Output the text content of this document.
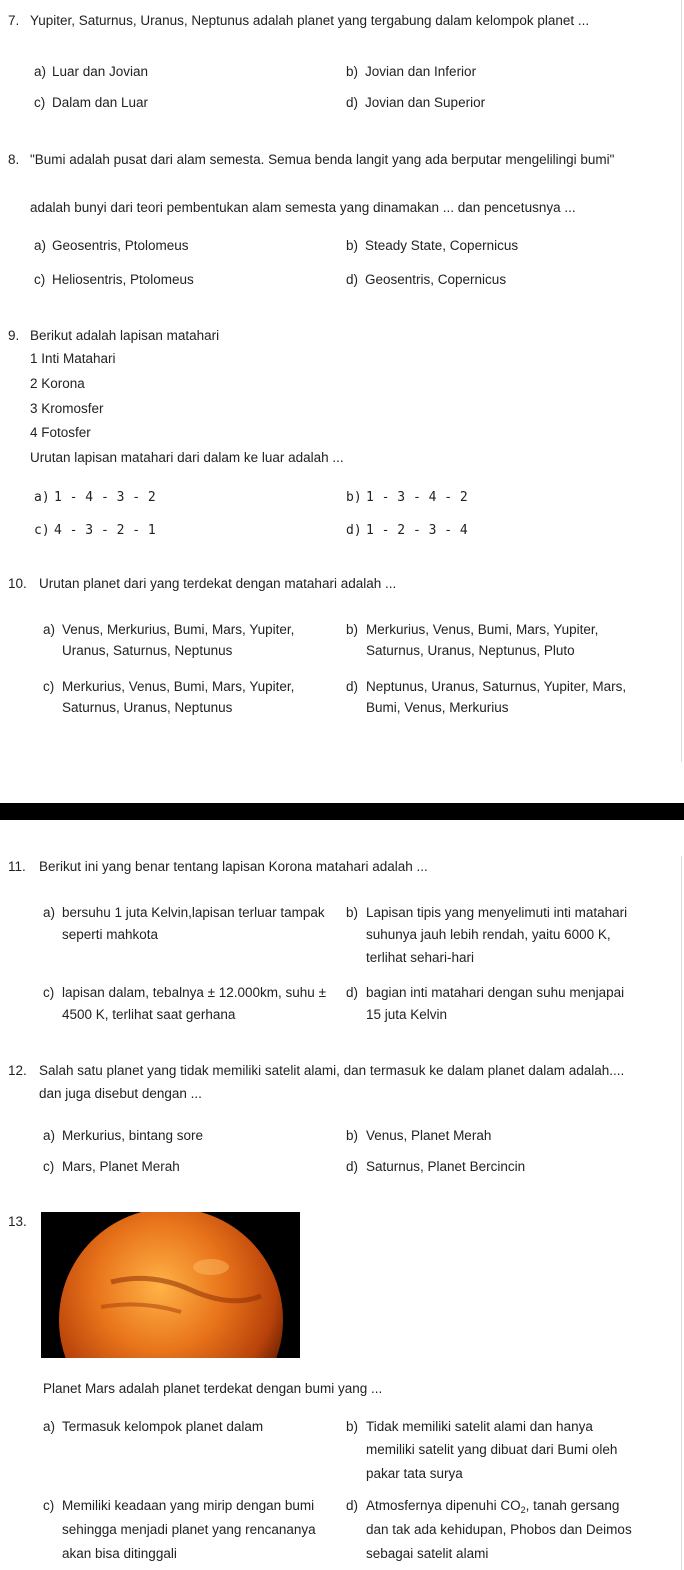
7. Yupiter, Saturnus, Uranus, Neptunus adalah planet yang tergabung dalam kelompok planet ...
a) Luar dan Jovian	b) Jovian dan Inferior
c) Dalam dan Luar	d) Jovian dan Superior
8. "Bumi adalah pusat dari alam semesta. Semua benda langit yang ada berputar mengelilingi bumi"
adalah bunyi dari teori pembentukan alam semesta yang dinamakan ... dan pencetusnya ...
a) Geosentris, Ptolomeus	b) Steady State, Copernicus
c) Heliosentris, Ptolomeus	d) Geosentris, Copernicus
9. Berikut adalah lapisan matahari
1 Inti Matahari
2 Korona
3 Kromosfer
4 Fotosfer
Urutan lapisan matahari dari dalam ke luar adalah ...
a) 1 - 4 - 3 - 2	b) 1 - 3 - 4 - 2
c) 4 - 3 - 2 - 1	d) 1 - 2 - 3 - 4
10. Urutan planet dari yang terdekat dengan matahari adalah ...
a) Venus, Merkurius, Bumi, Mars, Yupiter,
Uranus, Saturnus, Neptunus
b) Merkurius, Venus, Bumi, Mars, Yupiter,
Saturnus, Uranus, Neptunus, Pluto
c) Merkurius, Venus, Bumi, Mars, Yupiter,
Saturnus, Uranus, Neptunus
d) Neptunus, Uranus, Saturnus, Yupiter, Mars,
Bumi, Venus, Merkurius
11. Berikut ini yang benar tentang lapisan Korona matahari adalah ...
a) bersuhu 1 juta Kelvin,lapisan terluar tampak
seperti mahkota
b) Lapisan tipis yang menyelimuti inti matahari
suhunya jauh lebih rendah, yaitu 6000 K,
terlihat sehari-hari
c) lapisan dalam, tebalnya ± 12.000km, suhu ±
4500 K, terlihat saat gerhana
d) bagian inti matahari dengan suhu menjapai
15 juta Kelvin
12. Salah satu planet yang tidak memiliki satelit alami, dan termasuk ke dalam planet dalam adalah....
dan juga disebut dengan ...
a) Merkurius, bintang sore	b) Venus, Planet Merah
c) Mars, Planet Merah	d) Saturnus, Planet Bercincin
13.
Planet Mars adalah planet terdekat dengan bumi yang ...
a) Termasuk kelompok planet dalam	b) Tidak memiliki satelit alami dan hanya
memiliki satelit yang dibuat dari Bumi oleh
pakar tata surya
c) Memiliki keadaan yang mirip dengan bumi
sehingga menjadi planet yang rencananya
akan bisa ditinggali
d) Atmosfernya dipenuhi $CO_2$, tanah gersang
dan tak ada kehidupan, Phobos dan Deimos
sebagai satelit alami
